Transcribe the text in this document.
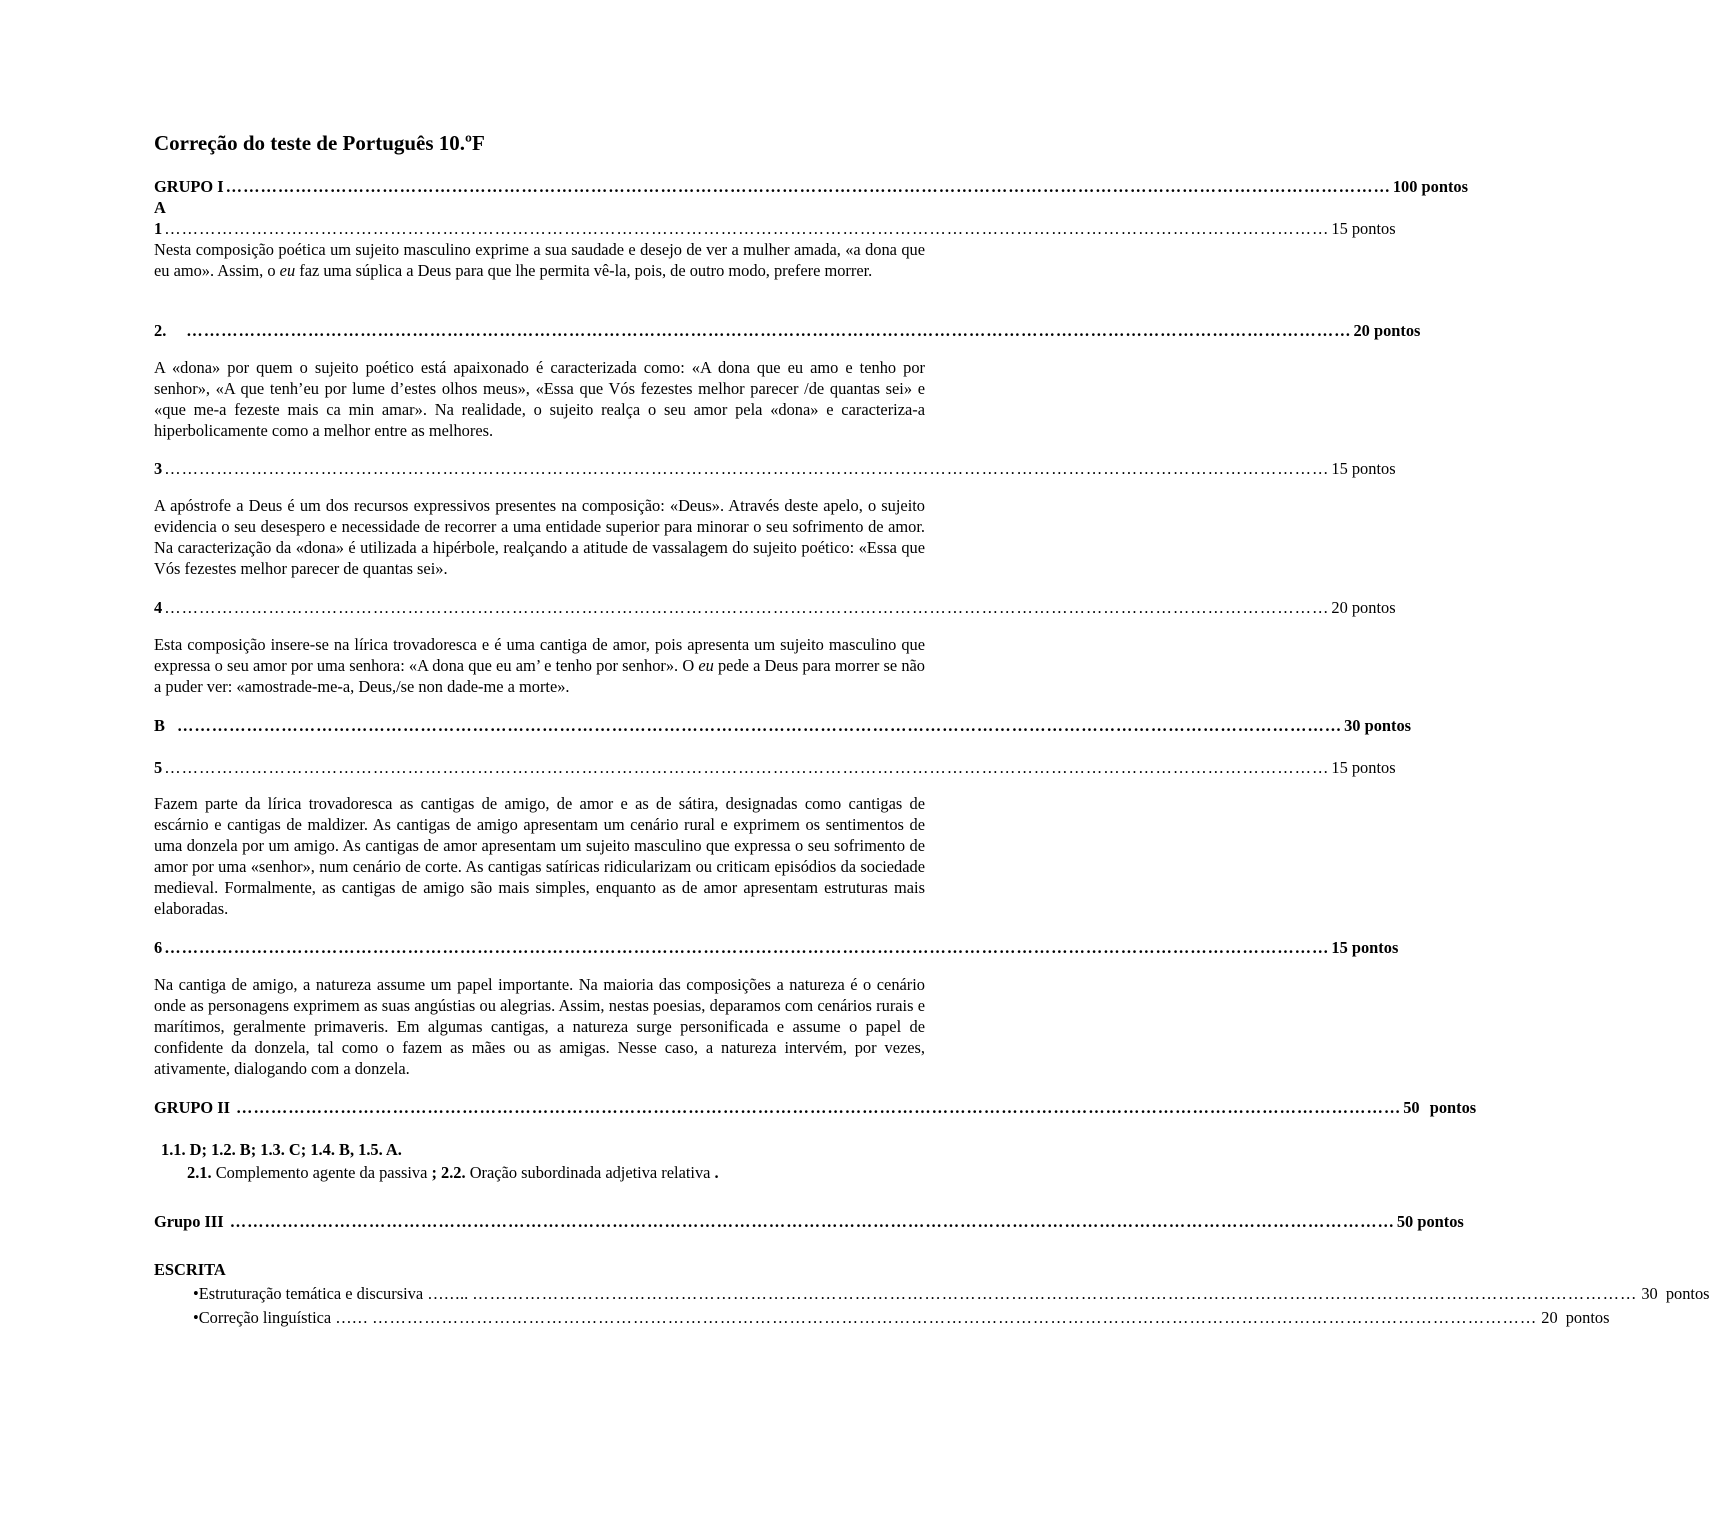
Correção do teste de Português 10.ºF
GRUPO I ………………………………………………………………………………………………………………………………………………………………………………… 100 pontos
A
1 ………………………………………………………………………………………………………………………………………………………………………………… 15 pontos
Nesta composição poética um sujeito masculino exprime a sua saudade e desejo de ver a mulher amada, «a dona que eu amo». Assim, o eu faz uma súplica a Deus para que lhe permita vê-la, pois, de outro modo, prefere morrer.
2.	………………………………………………………………………………………………………………………………………………………………………………… 20 pontos
A «dona» por quem o sujeito poético está apaixonado é caracterizada como: «A dona que eu amo e tenho por senhor», «A que tenh’eu por lume d’estes olhos meus», «Essa que Vós fezestes melhor parecer /de quantas sei» e «que me-a fezeste mais ca min amar». Na realidade, o sujeito realça o seu amor pela «dona» e caracteriza-a hiperbolicamente como a melhor entre as melhores.
3 ………………………………………………………………………………………………………………………………………………………………………………… 15 pontos
A apóstrofe a Deus é um dos recursos expressivos presentes na composição: «Deus». Através deste apelo, o sujeito evidencia o seu desespero e necessidade de recorrer a uma entidade superior para minorar o seu sofrimento de amor. Na caracterização da «dona» é utilizada a hipérbole, realçando a atitude de vassalagem do sujeito poético: «Essa que Vós fezestes melhor parecer de quantas sei».
4 ………………………………………………………………………………………………………………………………………………………………………………… 20 pontos
Esta composição insere-se na lírica trovadoresca e é uma cantiga de amor, pois apresenta um sujeito masculino que expressa o seu amor por uma senhora: «A dona que eu am’ e tenho por senhor». O eu pede a Deus para morrer se não a puder ver: «amostrade-me-a, Deus,/se non dade-me a morte».
B ………………………………………………………………………………………………………………………………………………………………………………… 30 pontos
5 ………………………………………………………………………………………………………………………………………………………………………………… 15 pontos
Fazem parte da lírica trovadoresca as cantigas de amigo, de amor e as de sátira, designadas como cantigas de escárnio e cantigas de maldizer. As cantigas de amigo apresentam um cenário rural e exprimem os sentimentos de uma donzela por um amigo. As cantigas de amor apresentam um sujeito masculino que expressa o seu sofrimento de amor por uma «senhor», num cenário de corte. As cantigas satíricas ridicularizam ou criticam episódios da sociedade medieval. Formalmente, as cantigas de amigo são mais simples, enquanto as de amor apresentam estruturas mais elaboradas.
6 ………………………………………………………………………………………………………………………………………………………………………………… 15 pontos
Na cantiga de amigo, a natureza assume um papel importante. Na maioria das composições a natureza é o cenário onde as personagens exprimem as suas angústias ou alegrias. Assim, nestas poesias, deparamos com cenários rurais e marítimos, geralmente primaveris. Em algumas cantigas, a natureza surge personificada e assume o papel de confidente da donzela, tal como o fazem as mães ou as amigas. Nesse caso, a natureza intervém, por vezes, ativamente, dialogando com a donzela.
GRUPO II ………………………………………………………………………………………………………………………………………………………………………………… 50 pontos
1.1. D; 1.2. B; 1.3. C; 1.4. B, 1.5. A.
2.1. Complemento agente da passiva ; 2.2. Oração subordinada adjetiva relativa .
Grupo III ………………………………………………………………………………………………………………………………………………………………………………… 50 pontos
ESCRITA
• Estruturação temática e discursiva …….. ………………………………………………………………………………………………………………………………………………………………………………… 30 pontos
• Correção linguística …… ………………………………………………………………………………………………………………………………………………………………………………… 20 pontos
